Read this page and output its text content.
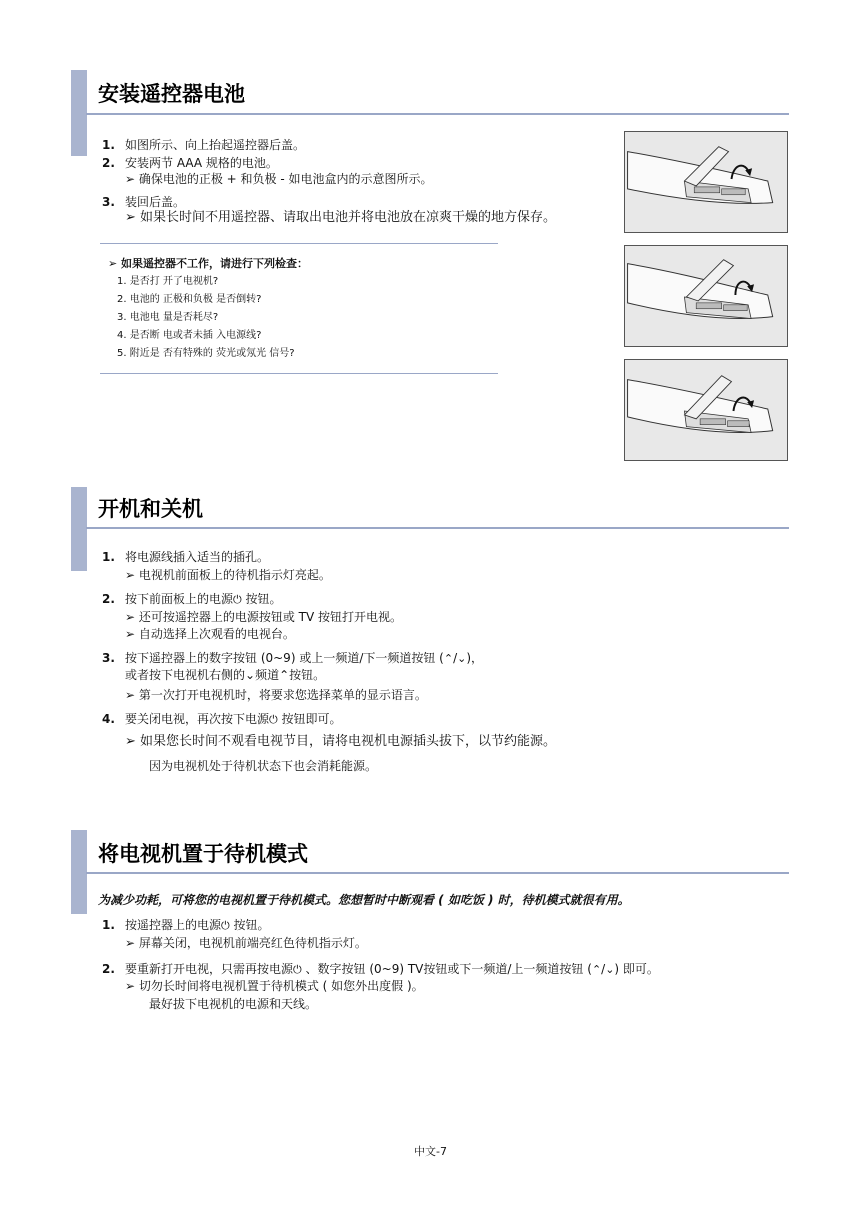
安装遥控器电池
1. 如图所示、向上抬起遥控器后盖。
2. 安装两节 AAA 规格的电池。
➢ 确保电池的正极 + 和负极 - 如电池盒内的示意图所示。
3. 装回后盖。
➢ 如果长时间不用遥控器、请取出电池并将电池放在凉爽干燥的地方保存。
➢ 如果遥控器不工作，请进行下列检查：
1. 是否打 开了电视机?
2. 电池的 正极和负极 是否倒转?
3. 电池电 量是否耗尽?
4. 是否断 电或者未插 入电源线?
5. 附近是 否有特殊的 荧光或氖光 信号?
开机和关机
1. 将电源线插入适当的插孔。
➢ 电视机前面板上的待机指示灯亮起。
2. 按下前面板上的电源⏻ 按钮。
➢ 还可按遥控器上的电源按钮或 TV 按钮打开电视。
➢ 自动选择上次观看的电视台。
3. 按下遥控器上的数字按钮 (0~9) 或上一频道/下一频道按钮 (⌃/⌄)，
或者按下电视机右侧的⌄频道⌃按钮。
➢ 第一次打开电视机时，将要求您选择菜单的显示语言。
4. 要关闭电视，再次按下电源⏻ 按钮即可。
➢ 如果您长时间不观看电视节目，请将电视机电源插头拔下，以节约能源。
因为电视机处于待机状态下也会消耗能源。
将电视机置于待机模式
为减少功耗，可将您的电视机置于待机模式。您想暂时中断观看 ( 如吃饭 ) 时，待机模式就很有用。
1. 按遥控器上的电源⏻ 按钮。
➢ 屏幕关闭，电视机前端亮红色待机指示灯。
2. 要重新打开电视，只需再按电源⏻ 、数字按钮 (0~9) TV按钮或下一频道/上一频道按钮 (⌃/⌄) 即可。
➢ 切勿长时间将电视机置于待机模式 ( 如您外出度假 )。
最好拔下电视机的电源和天线。
中文-7
